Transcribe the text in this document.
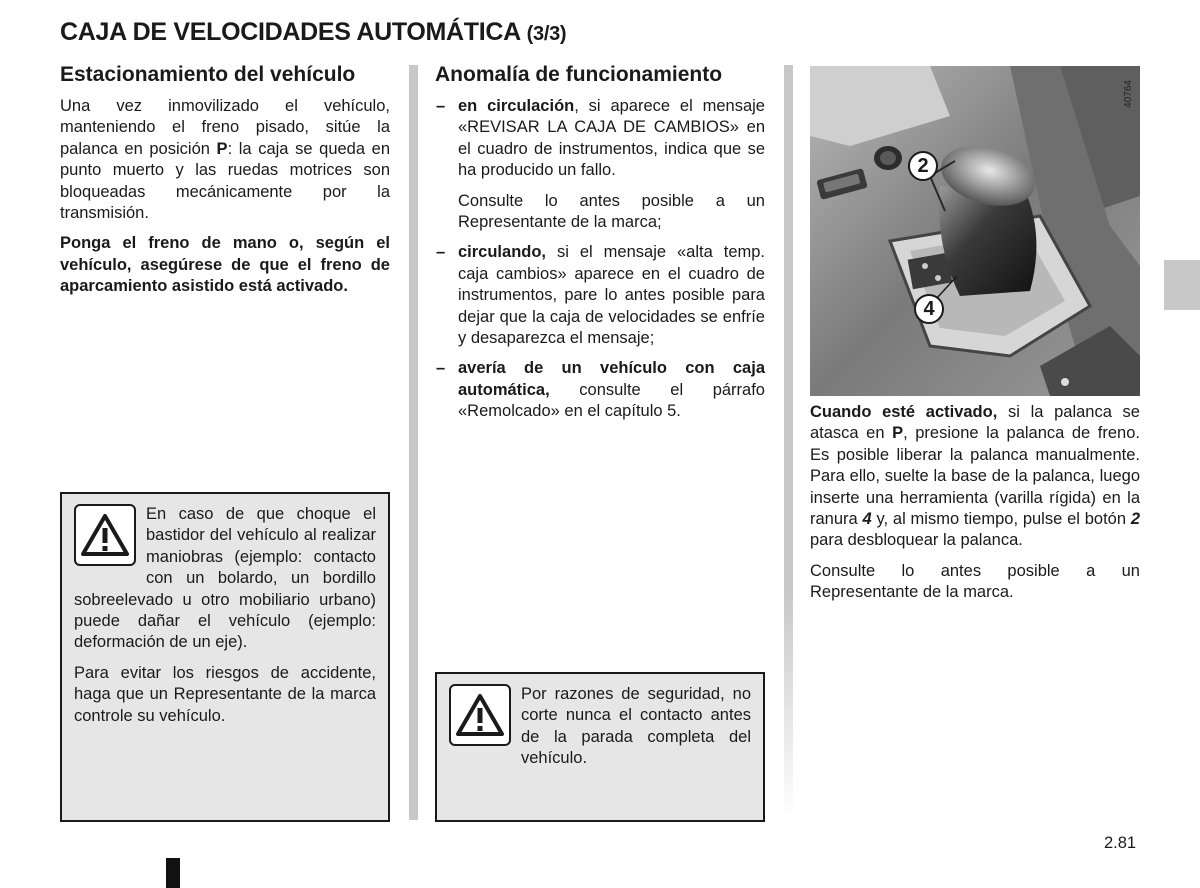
CAJA DE VELOCIDADES AUTOMÁTICA (3/3)
Estacionamiento del vehículo

Una vez inmovilizado el vehículo, manteniendo el freno pisado, sitúe la palanca en posición P: la caja se queda en punto muerto y las ruedas motrices son bloqueadas mecánicamente por la transmisión.

Ponga el freno de mano o, según el vehículo, asegúrese de que el freno de aparcamiento asistido está activado.

En caso de que choque el bastidor del vehículo al realizar maniobras (ejemplo: contacto con un bolardo, un bordillo sobreelevado u otro mobiliario urbano) puede dañar el vehículo (ejemplo: deformación de un eje).

Para evitar los riesgos de accidente, haga que un Representante de la marca controle su vehículo.

Anomalía de funcionamiento
– en circulación, si aparece el mensaje «REVISAR LA CAJA DE CAMBIOS» en el cuadro de instrumentos, indica que se ha producido un fallo.
Consulte lo antes posible a un Representante de la marca;
– circulando, si el mensaje «alta temp. caja cambios» aparece en el cuadro de instrumentos, pare lo antes posible para dejar que la caja de velocidades se enfríe y desaparezca el mensaje;
– avería de un vehículo con caja automática, consulte el párrafo «Remolcado» en el capítulo 5.

Por razones de seguridad, no corte nunca el contacto antes de la parada completa del vehículo.

40764
2
4

Cuando esté activado, si la palanca se atasca en P, presione la palanca de freno. Es posible liberar la palanca manualmente. Para ello, suelte la base de la palanca, luego inserte una herramienta (varilla rígida) en la ranura 4 y, al mismo tiempo, pulse el botón 2 para desbloquear la palanca.

Consulte lo antes posible a un Representante de la marca.

2.81
